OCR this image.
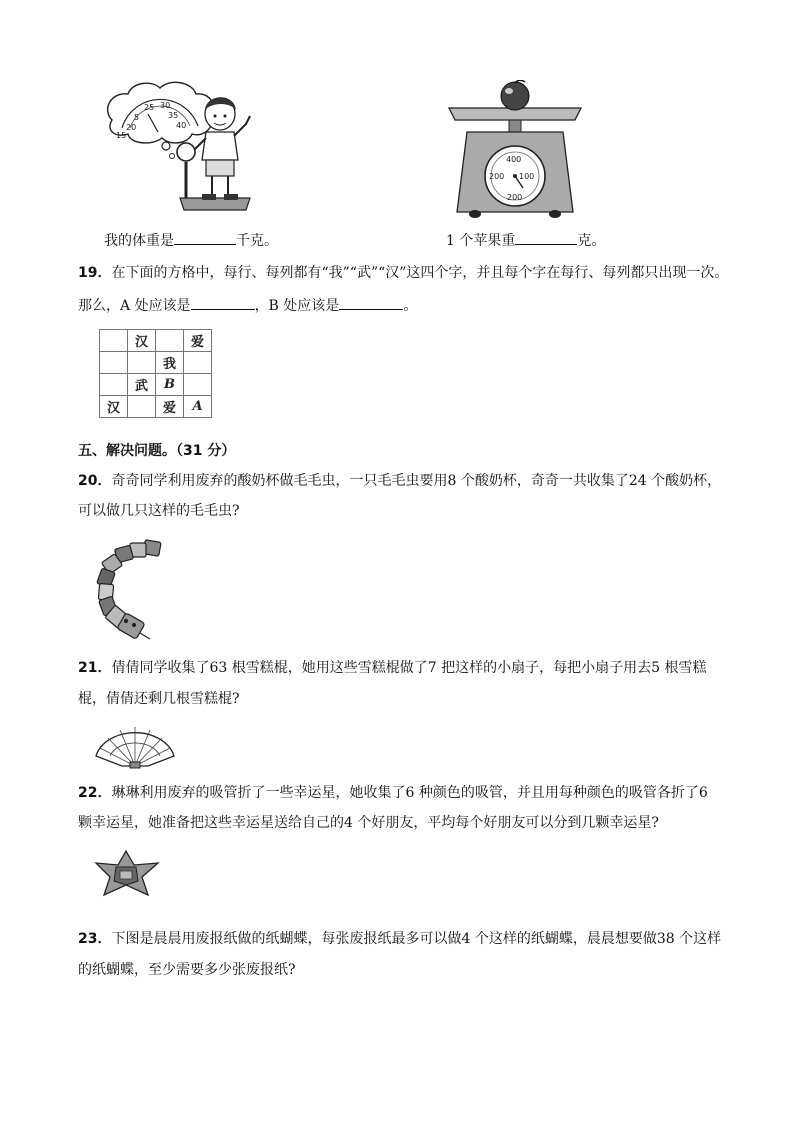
5
20
25 30
35
40
15
400
200 100
200
我的体重是	千克。	1 个苹果重	克。
19．在下面的方格中，每行、每列都有“我”“武”“汉”这四个字，并且每个字在每行、每列都只出现一次。
那么，A 处应该是	，B 处应该是	。
	汉		爱
		我	
	武	B	
汉		爱	A
五、解决问题。（31 分）
20．奇奇同学利用废弃的酸奶杯做毛毛虫，一只毛毛虫要用8 个酸奶杯，奇奇一共收集了24 个酸奶杯，
可以做几只这样的毛毛虫?
21．倩倩同学收集了63 根雪糕棍，她用这些雪糕棍做了7 把这样的小扇子，每把小扇子用去5 根雪糕
棍，倩倩还剩几根雪糕棍?
22．琳琳利用废弃的吸管折了一些幸运星，她收集了6 种颜色的吸管，并且用每种颜色的吸管各折了6
颗幸运星，她准备把这些幸运星送给自己的4 个好朋友，平均每个好朋友可以分到几颗幸运星?
23．下图是晨晨用废报纸做的纸蝴蝶，每张废报纸最多可以做4 个这样的纸蝴蝶，晨晨想要做38 个这样
的纸蝴蝶，至少需要多少张废报纸?
